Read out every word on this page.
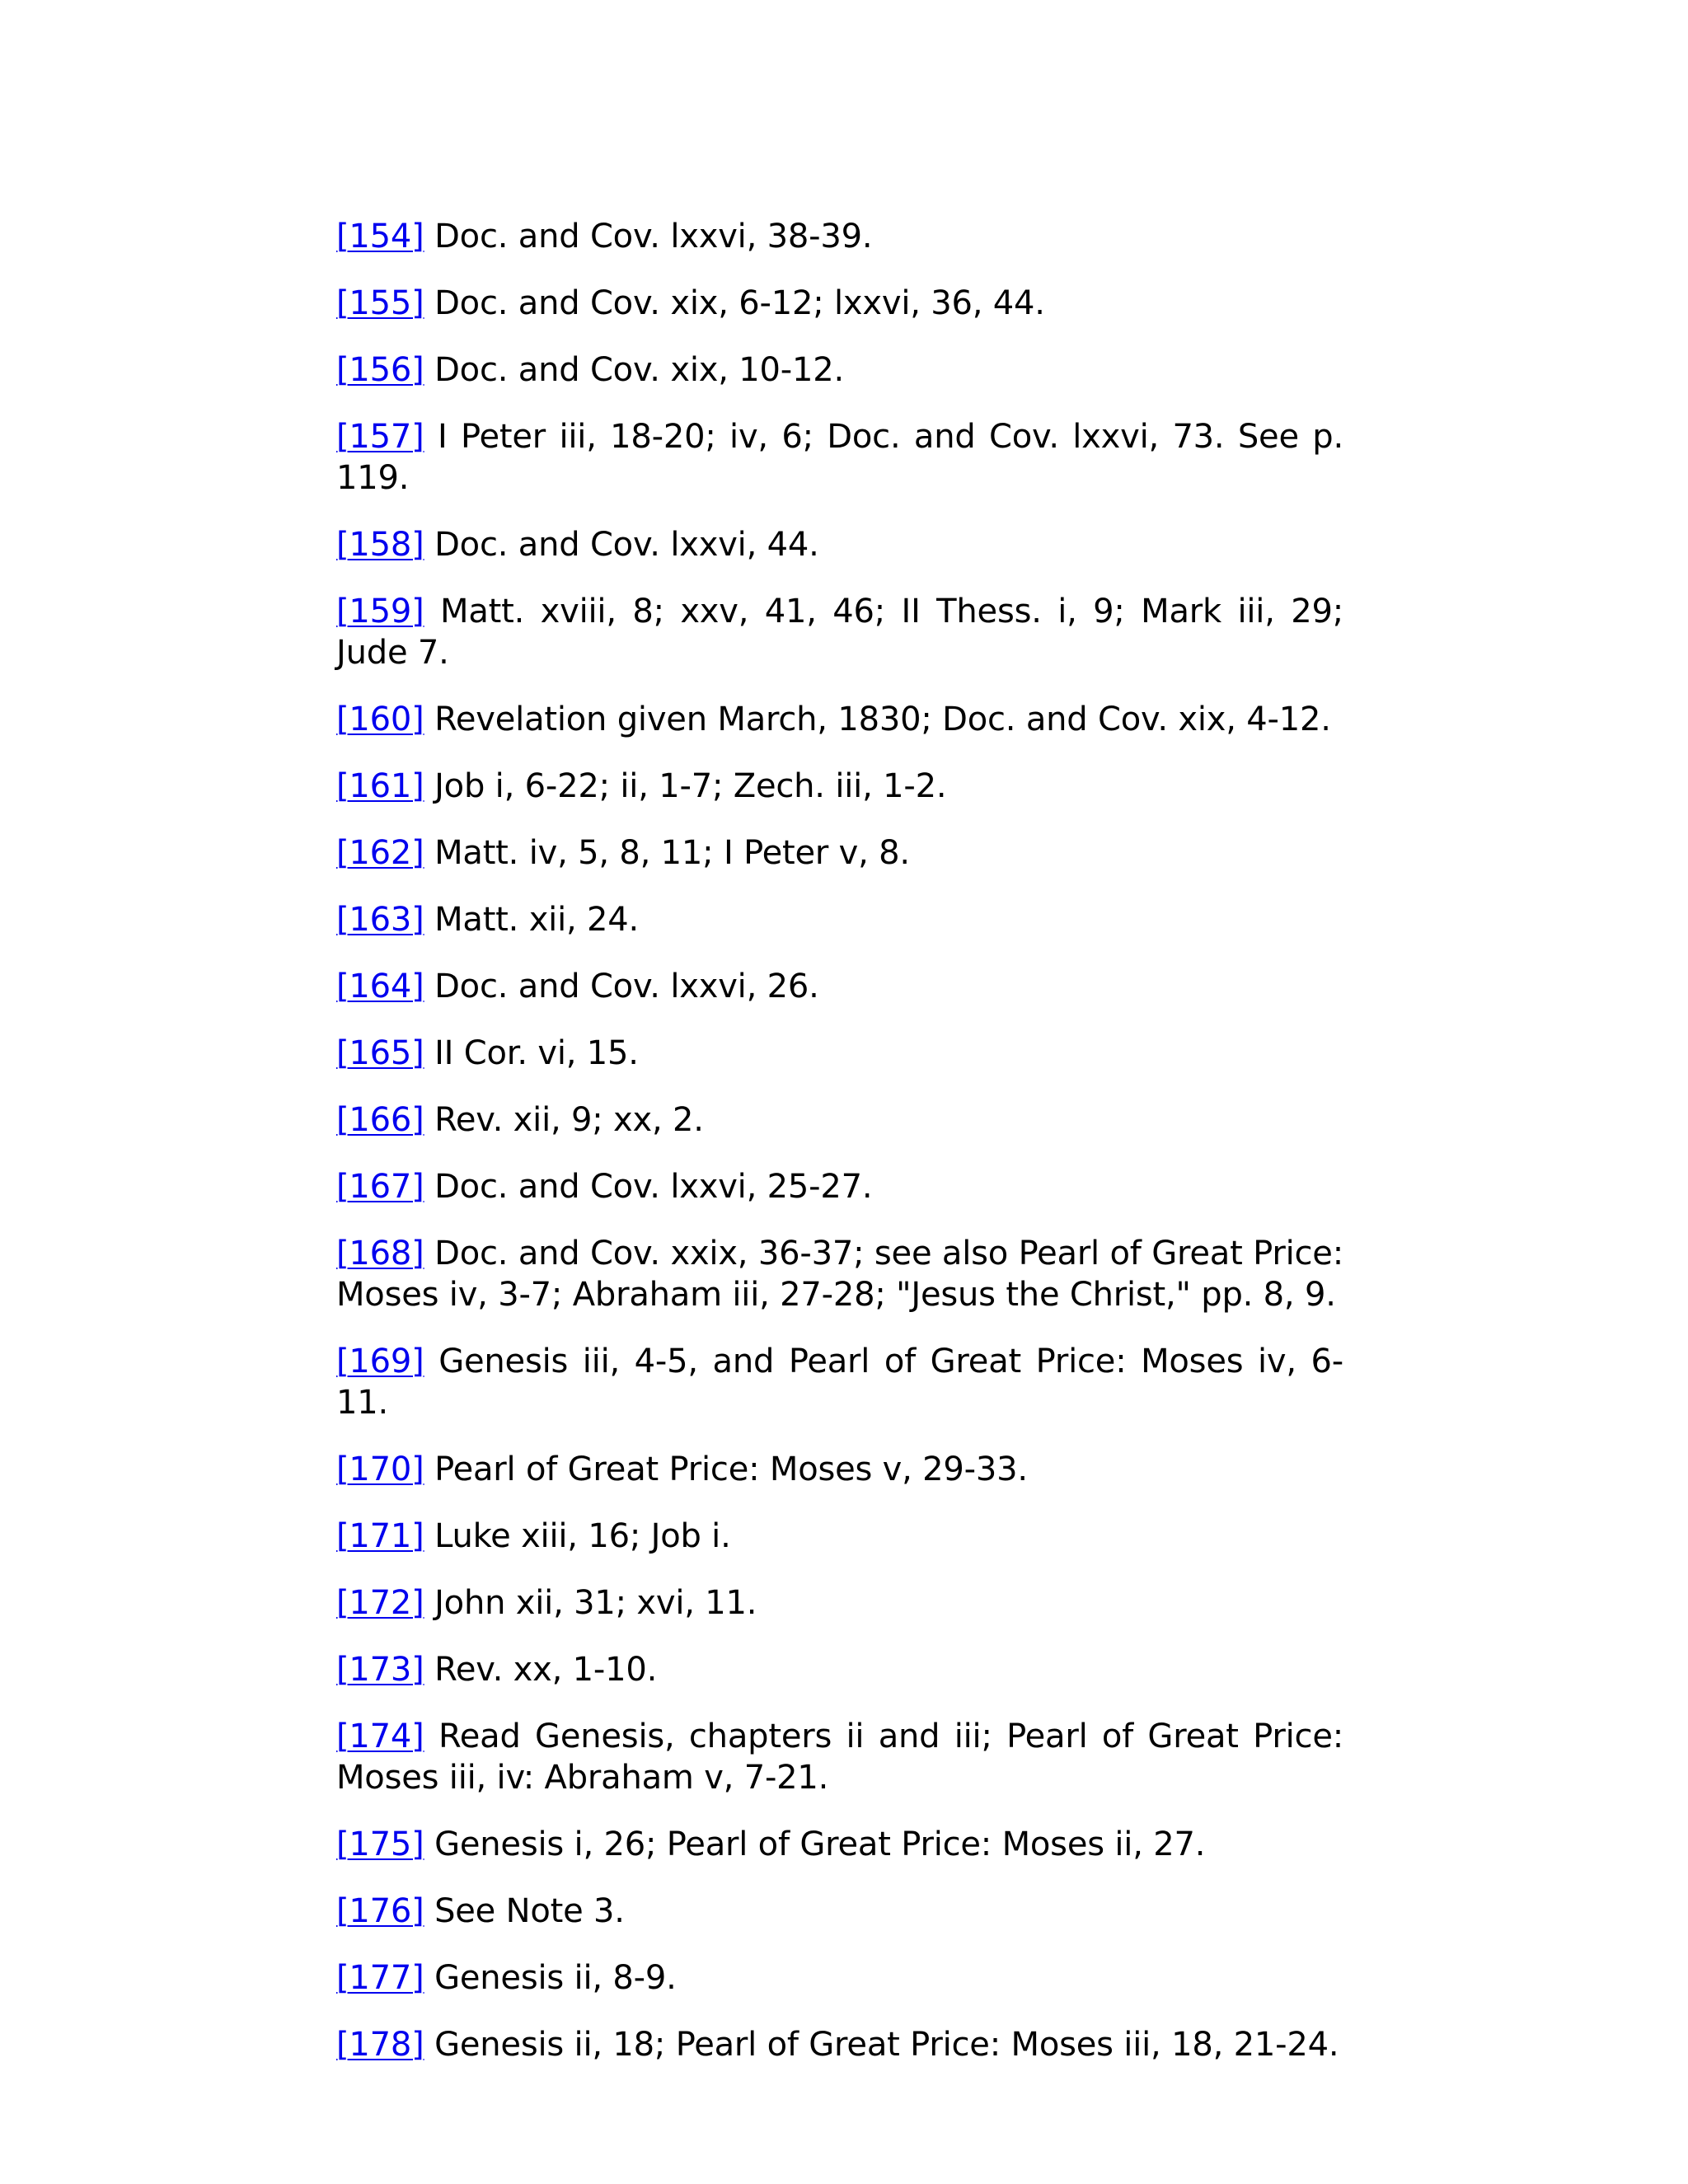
[154] Doc. and Cov. lxxvi, 38-39.

[155] Doc. and Cov. xix, 6-12; lxxvi, 36, 44.

[156] Doc. and Cov. xix, 10-12.

[157] I Peter iii, 18-20; iv, 6; Doc. and Cov. lxxvi, 73. See p. 119.

[158] Doc. and Cov. lxxvi, 44.

[159] Matt. xviii, 8; xxv, 41, 46; II Thess. i, 9; Mark iii, 29; Jude 7.

[160] Revelation given March, 1830; Doc. and Cov. xix, 4-12.

[161] Job i, 6-22; ii, 1-7; Zech. iii, 1-2.

[162] Matt. iv, 5, 8, 11; I Peter v, 8.

[163] Matt. xii, 24.

[164] Doc. and Cov. lxxvi, 26.

[165] II Cor. vi, 15.

[166] Rev. xii, 9; xx, 2.

[167] Doc. and Cov. lxxvi, 25-27.

[168] Doc. and Cov. xxix, 36-37; see also Pearl of Great Price: Moses iv, 3-7; Abraham iii, 27-28; "Jesus the Christ," pp. 8, 9.

[169] Genesis iii, 4-5, and Pearl of Great Price: Moses iv, 6-11.

[170] Pearl of Great Price: Moses v, 29-33.

[171] Luke xiii, 16; Job i.

[172] John xii, 31; xvi, 11.

[173] Rev. xx, 1-10.

[174] Read Genesis, chapters ii and iii; Pearl of Great Price: Moses iii, iv: Abraham v, 7-21.

[175] Genesis i, 26; Pearl of Great Price: Moses ii, 27.

[176] See Note 3.

[177] Genesis ii, 8-9.

[178] Genesis ii, 18; Pearl of Great Price: Moses iii, 18, 21-24.
